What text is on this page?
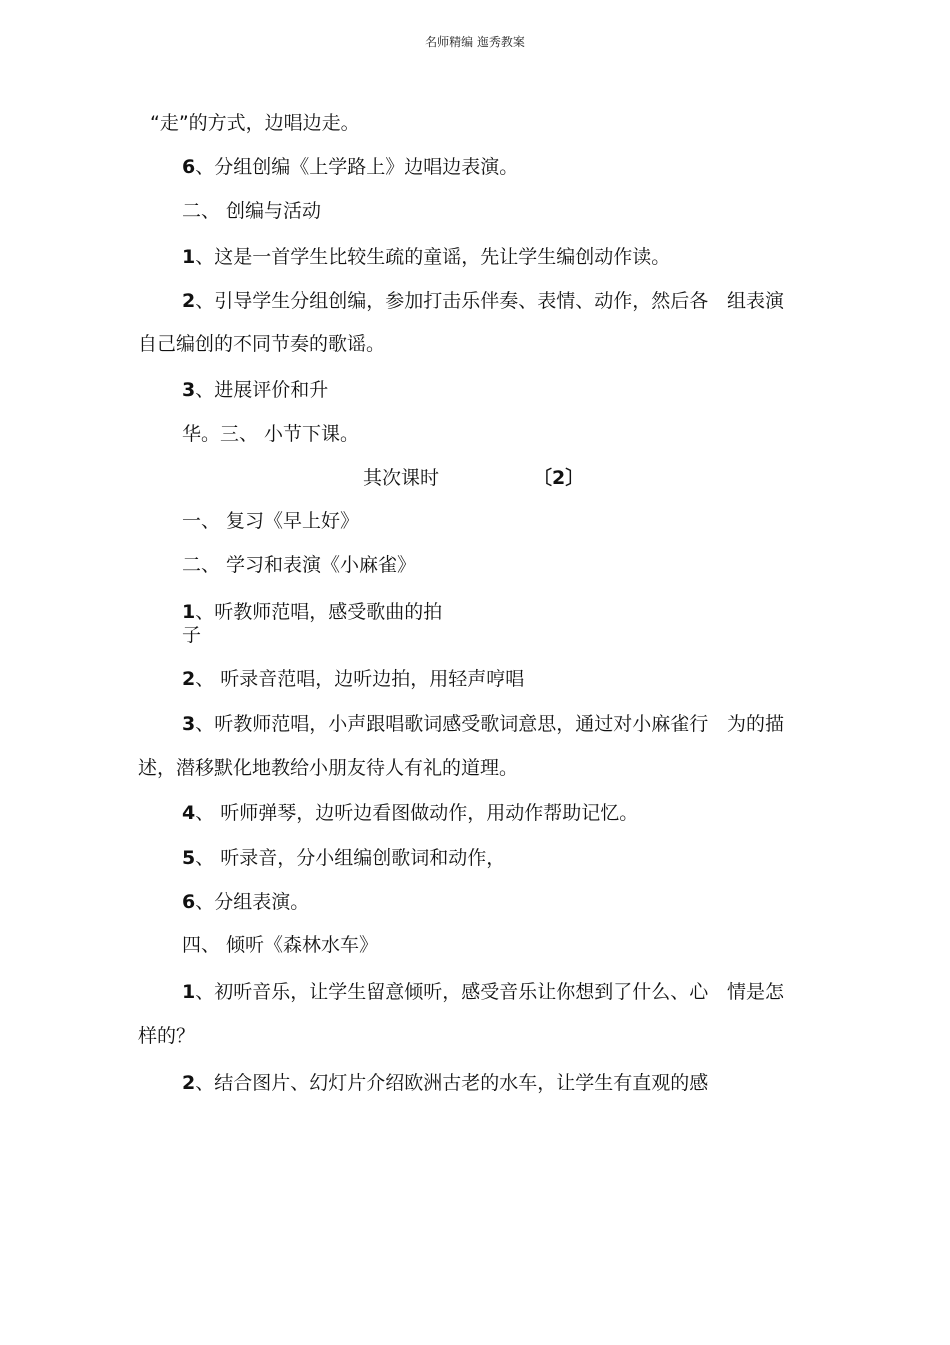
名师精编 迤秀教案
“走”的方式，边唱边走。
6、分组创编《上学路上》边唱边表演。
二、 创编与活动
1、这是一首学生比较生疏的童谣，先让学生编创动作读。
2、引导学生分组创编，参加打击乐伴奏、表情、动作，然后各 组表演
自己编创的不同节奏的歌谣。
3、进展评价和升
华。三、 小节下课。
其次课时	〔2〕
一、 复习《早上好》
二、 学习和表演《小麻雀》
1、听教师范唱，感受歌曲的拍
子
2、 听录音范唱，边听边拍，用轻声哼唱
3、听教师范唱，小声跟唱歌词感受歌词意思，通过对小麻雀行 为的描
述，潜移默化地教给小朋友待人有礼的道理。
4、 听师弹琴，边听边看图做动作，用动作帮助记忆。
5、 听录音，分小组编创歌词和动作，
6、分组表演。
四、 倾听《森林水车》
1、初听音乐，让学生留意倾听，感受音乐让你想到了什么、心 情是怎
样的？
2、结合图片、幻灯片介绍欧洲古老的水车，让学生有直观的感
